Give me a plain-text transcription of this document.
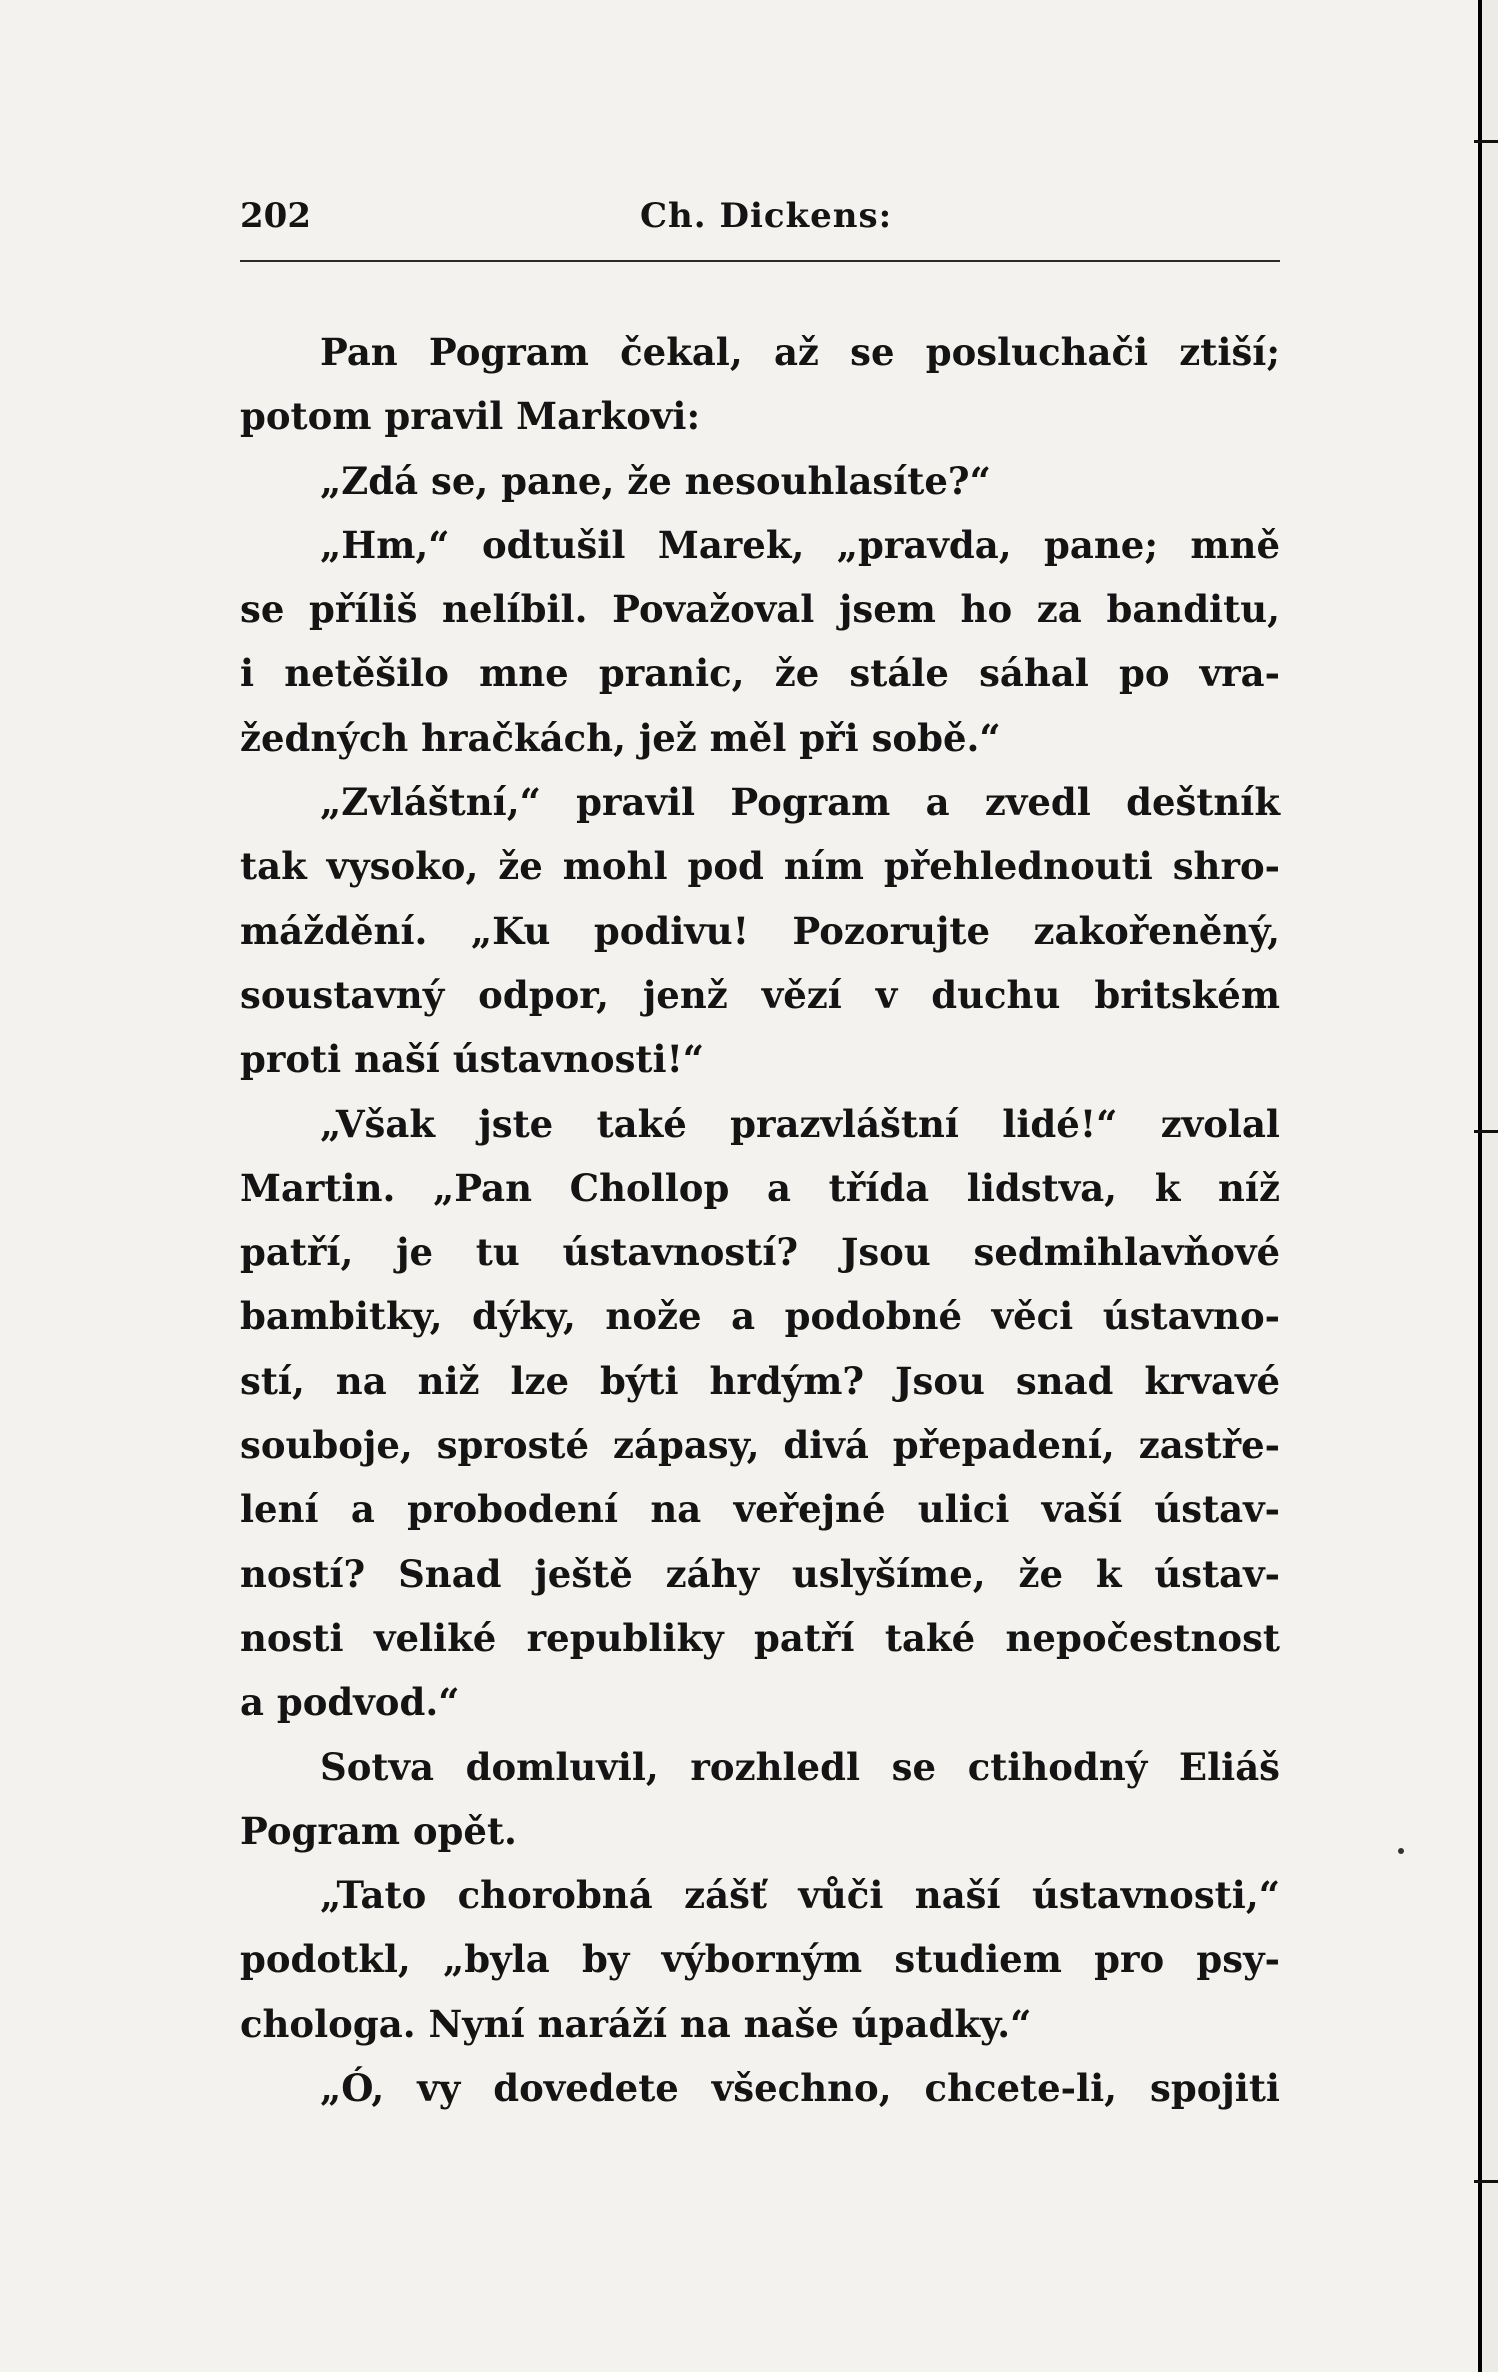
202	Ch. Dickens:
Pan Pogram čekal, až se posluchači ztiší;
potom pravil Markovi:
„Zdá se, pane, že nesouhlasíte?“
„Hm,“ odtušil Marek, „pravda, pane; mně
se příliš nelíbil. Považoval jsem ho za banditu,
i netěšilo mne pranic, že stále sáhal po vra-
žedných hračkách, jež měl při sobě.“
„Zvláštní,“ pravil Pogram a zvedl deštník
tak vysoko, že mohl pod ním přehlednouti shro-
máždění. „Ku podivu! Pozorujte zakořeněný,
soustavný odpor, jenž vězí v duchu britském
proti naší ústavnosti!“
„Však jste také prazvláštní lidé!“ zvolal
Martin. „Pan Chollop a třída lidstva, k níž
patří, je tu ústavností? Jsou sedmihlavňové
bambitky, dýky, nože a podobné věci ústavno-
stí, na niž lze býti hrdým? Jsou snad krvavé
souboje, sprosté zápasy, divá přepadení, zastře-
lení a probodení na veřejné ulici vaší ústav-
ností? Snad ještě záhy uslyšíme, že k ústav-
nosti veliké republiky patří také nepočestnost
a podvod.“
Sotva domluvil, rozhledl se ctihodný Eliáš
Pogram opět.
„Tato chorobná zášť vůči naší ústavnosti,“
podotkl, „byla by výborným studiem pro psy-
chologa. Nyní naráží na naše úpadky.“
„Ó, vy dovedete všechno, chcete-li, spojiti
